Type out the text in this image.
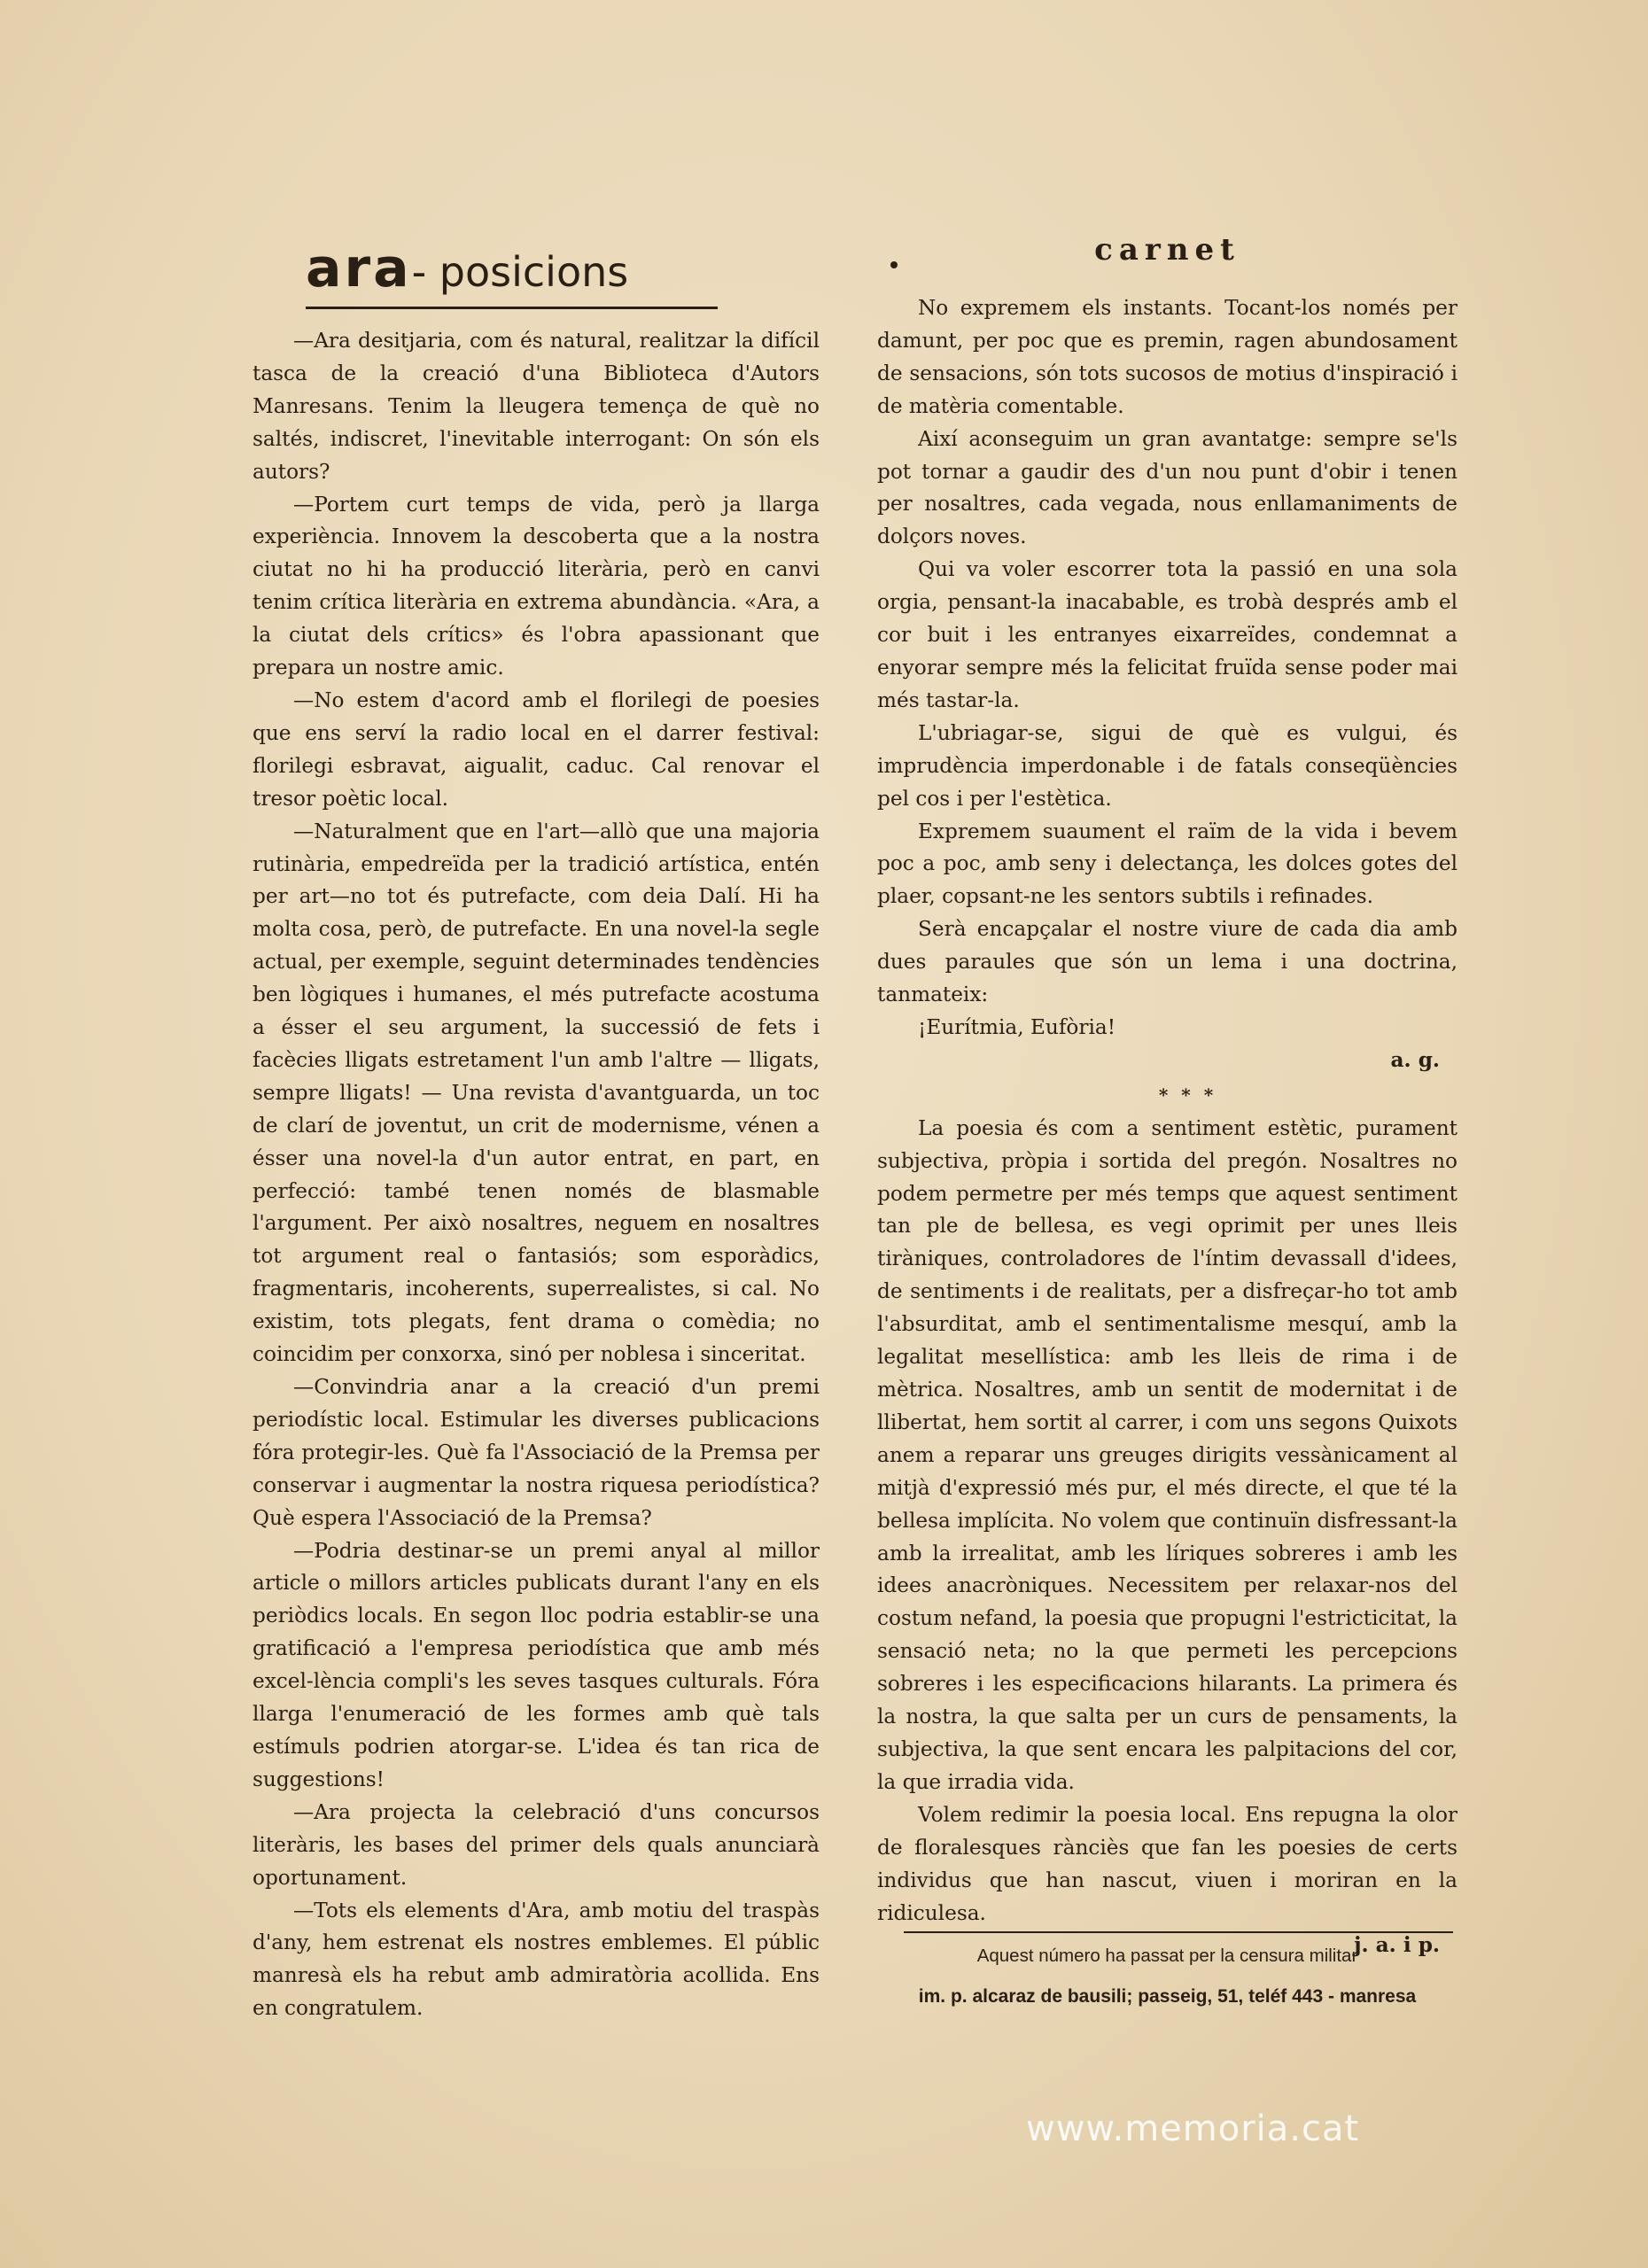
ara- posicions

—Ara desitjaria, com és natural, realitzar la difícil tasca de la creació d'una Biblioteca d'Autors Manresans. Tenim la lleugera temença de què no saltés, indiscret, l'inevitable interrogant: On són els autors?

—Portem curt temps de vida, però ja llarga experiència. Innovem la descoberta que a la nostra ciutat no hi ha producció literària, però en canvi tenim crítica literària en extrema abundància. «Ara, a la ciutat dels crítics» és l'obra apassionant que prepara un nostre amic.

—No estem d'acord amb el florilegi de poesies que ens serví la radio local en el darrer festival: florilegi esbravat, aigualit, caduc. Cal renovar el tresor poètic local.

—Naturalment que en l'art—allò que una majoria rutinària, empedreïda per la tradició artística, entén per art—no tot és putrefacte, com deia Dalí. Hi ha molta cosa, però, de putrefacte. En una novel-la segle actual, per exemple, seguint determinades tendències ben lògiques i humanes, el més putrefacte acostuma a ésser el seu argument, la successió de fets i facècies lligats estretament l'un amb l'altre — lligats, sempre lligats! — Una revista d'avantguarda, un toc de clarí de joventut, un crit de modernisme, vénen a ésser una novel-la d'un autor entrat, en part, en perfecció: també tenen només de blasmable l'argument. Per això nosaltres, neguem en nosaltres tot argument real o fantasiós; som esporàdics, fragmentaris, incoherents, superrealistes, si cal. No existim, tots plegats, fent drama o comèdia; no coincidim per conxorxa, sinó per noblesa i sinceritat.

—Convindria anar a la creació d'un premi periodístic local. Estimular les diverses publicacions fóra protegir-les. Què fa l'Associació de la Premsa per conservar i augmentar la nostra riquesa periodística? Què espera l'Associació de la Premsa?

—Podria destinar-se un premi anyal al millor article o millors articles publicats durant l'any en els periòdics locals. En segon lloc podria establir-se una gratificació a l'empresa periodística que amb més excel-lència compli's les seves tasques culturals. Fóra llarga l'enumeració de les formes amb què tals estímuls podrien atorgar-se. L'idea és tan rica de suggestions!

—Ara projecta la celebració d'uns concursos literàris, les bases del primer dels quals anunciarà oportunament.

—Tots els elements d'Ara, amb motiu del traspàs d'any, hem estrenat els nostres emblemes. El públic manresà els ha rebut amb admiratòria acollida. Ens en congratulem.

carnet

No expremem els instants. Tocant-los només per damunt, per poc que es premin, ragen abundosament de sensacions, són tots sucosos de motius d'inspiració i de matèria comentable.

Així aconseguim un gran avantatge: sempre se'ls pot tornar a gaudir des d'un nou punt d'obir i tenen per nosaltres, cada vegada, nous enllamaniments de dolçors noves.

Qui va voler escorrer tota la passió en una sola orgia, pensant-la inacabable, es trobà després amb el cor buit i les entranyes eixarreïdes, condemnat a enyorar sempre més la felicitat fruïda sense poder mai més tastar-la.

L'ubriagar-se, sigui de què es vulgui, és imprudència imperdonable i de fatals conseqüències pel cos i per l'estètica.

Expremem suaument el raïm de la vida i bevem poc a poc, amb seny i delectança, les dolces gotes del plaer, copsant-ne les sentors subtils i refinades.

Serà encapçalar el nostre viure de cada dia amb dues paraules que són un lema i una doctrina, tanmateix:

¡Eurítmia, Eufòria!

a. g.

* * *

La poesia és com a sentiment estètic, purament subjectiva, pròpia i sortida del pregón. Nosaltres no podem permetre per més temps que aquest sentiment tan ple de bellesa, es vegi oprimit per unes lleis tiràniques, controladores de l'íntim devassall d'idees, de sentiments i de realitats, per a disfreçar-ho tot amb l'absurditat, amb el sentimentalisme mesquí, amb la legalitat mesellística: amb les lleis de rima i de mètrica. Nosaltres, amb un sentit de modernitat i de llibertat, hem sortit al carrer, i com uns segons Quixots anem a reparar uns greuges dirigits vessànicament al mitjà d'expressió més pur, el més directe, el que té la bellesa implícita. No volem que continuïn disfressant-la amb la irrealitat, amb les líriques sobreres i amb les idees anacròniques. Necessitem per relaxar-nos del costum nefand, la poesia que propugni l'estricticitat, la sensació neta; no la que permeti les percepcions sobreres i les especificacions hilarants. La primera és la nostra, la que salta per un curs de pensaments, la subjectiva, la que sent encara les palpitacions del cor, la que irradia vida.

Volem redimir la poesia local. Ens repugna la olor de floralesques rànciès que fan les poesies de certs individus que han nascut, viuen i moriran en la ridiculesa.

j. a. i p.

Aquest número ha passat per la censura militar

im. p. alcaraz de bausili; passeig, 51, teléf 443 - manresa

www.memoria.cat
